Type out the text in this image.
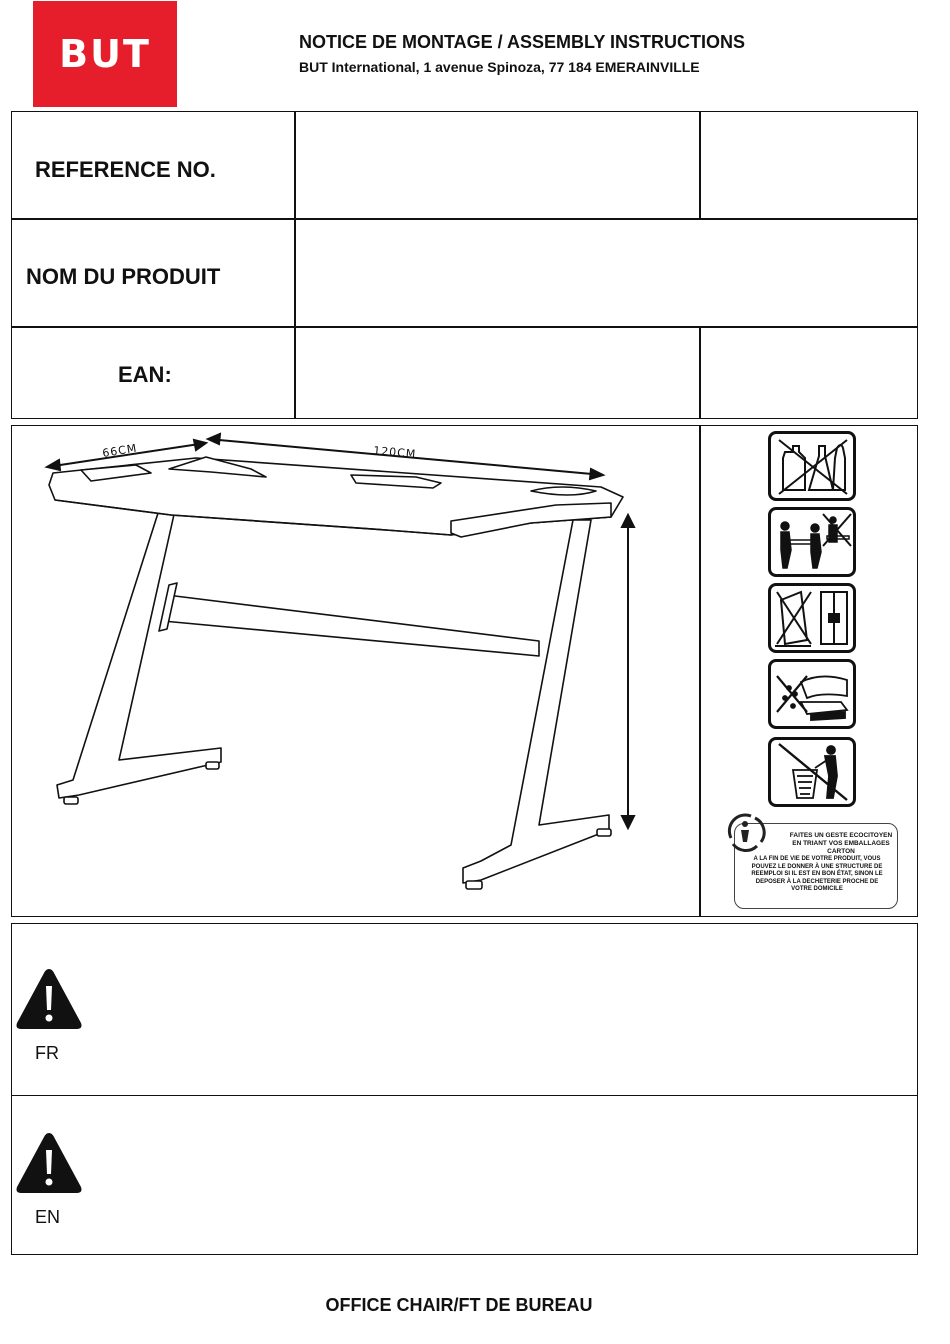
BUT	NOTICE DE MONTAGE / ASSEMBLY INSTRUCTIONS
BUT International, 1 avenue Spinoza, 77 184 EMERAINVILLE
REFERENCE NO.
NOM DU PRODUIT
EAN:
66CM	120CM
FAITES UN GESTE ECOCITOYEN
EN TRIANT VOS EMBALLAGES CARTON
A LA FIN DE VIE DE VOTRE PRODUIT, VOUS
POUVEZ LE DONNER À UNE STRUCTURE DE
REEMPLOI SI IL EST EN BON ÉTAT, SINON LE
DEPOSER À LA DECHETERIE PROCHE DE
VOTRE DOMICILE
FR
EN
OFFICE CHAIR/FT DE BUREAU
